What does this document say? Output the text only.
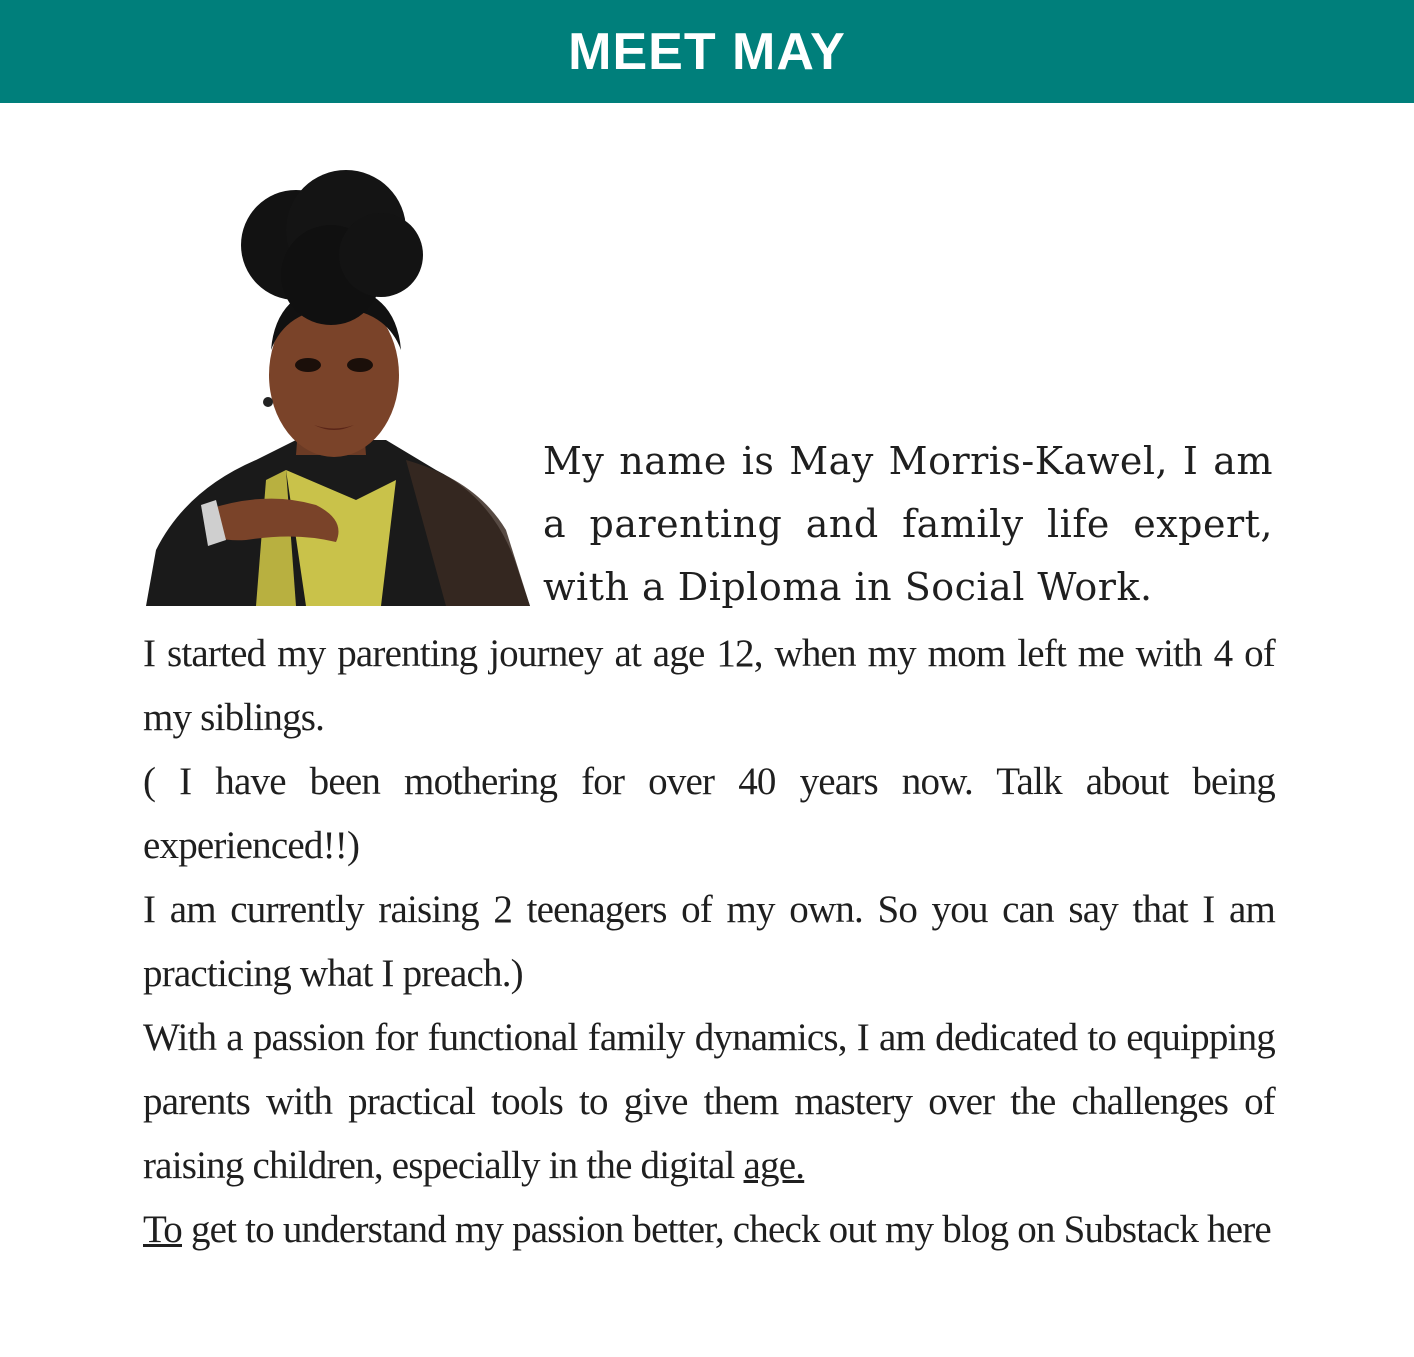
MEET MAY

My name is May Morris-Kawel, I am a parenting and family life expert, with a Diploma in Social Work.

I started my parenting journey at age 12, when my mom left me with 4 of my siblings.

( I have been mothering for over 40 years now. Talk about being experienced!!)

I am currently raising 2 teenagers of my own. So you can say that I am practicing what I preach.)

With a passion for functional family dynamics, I am dedicated to equipping parents with practical tools to give them mastery over the challenges of raising children, especially in the digital age.

To get to understand my passion better, check out my blog on Substack here
